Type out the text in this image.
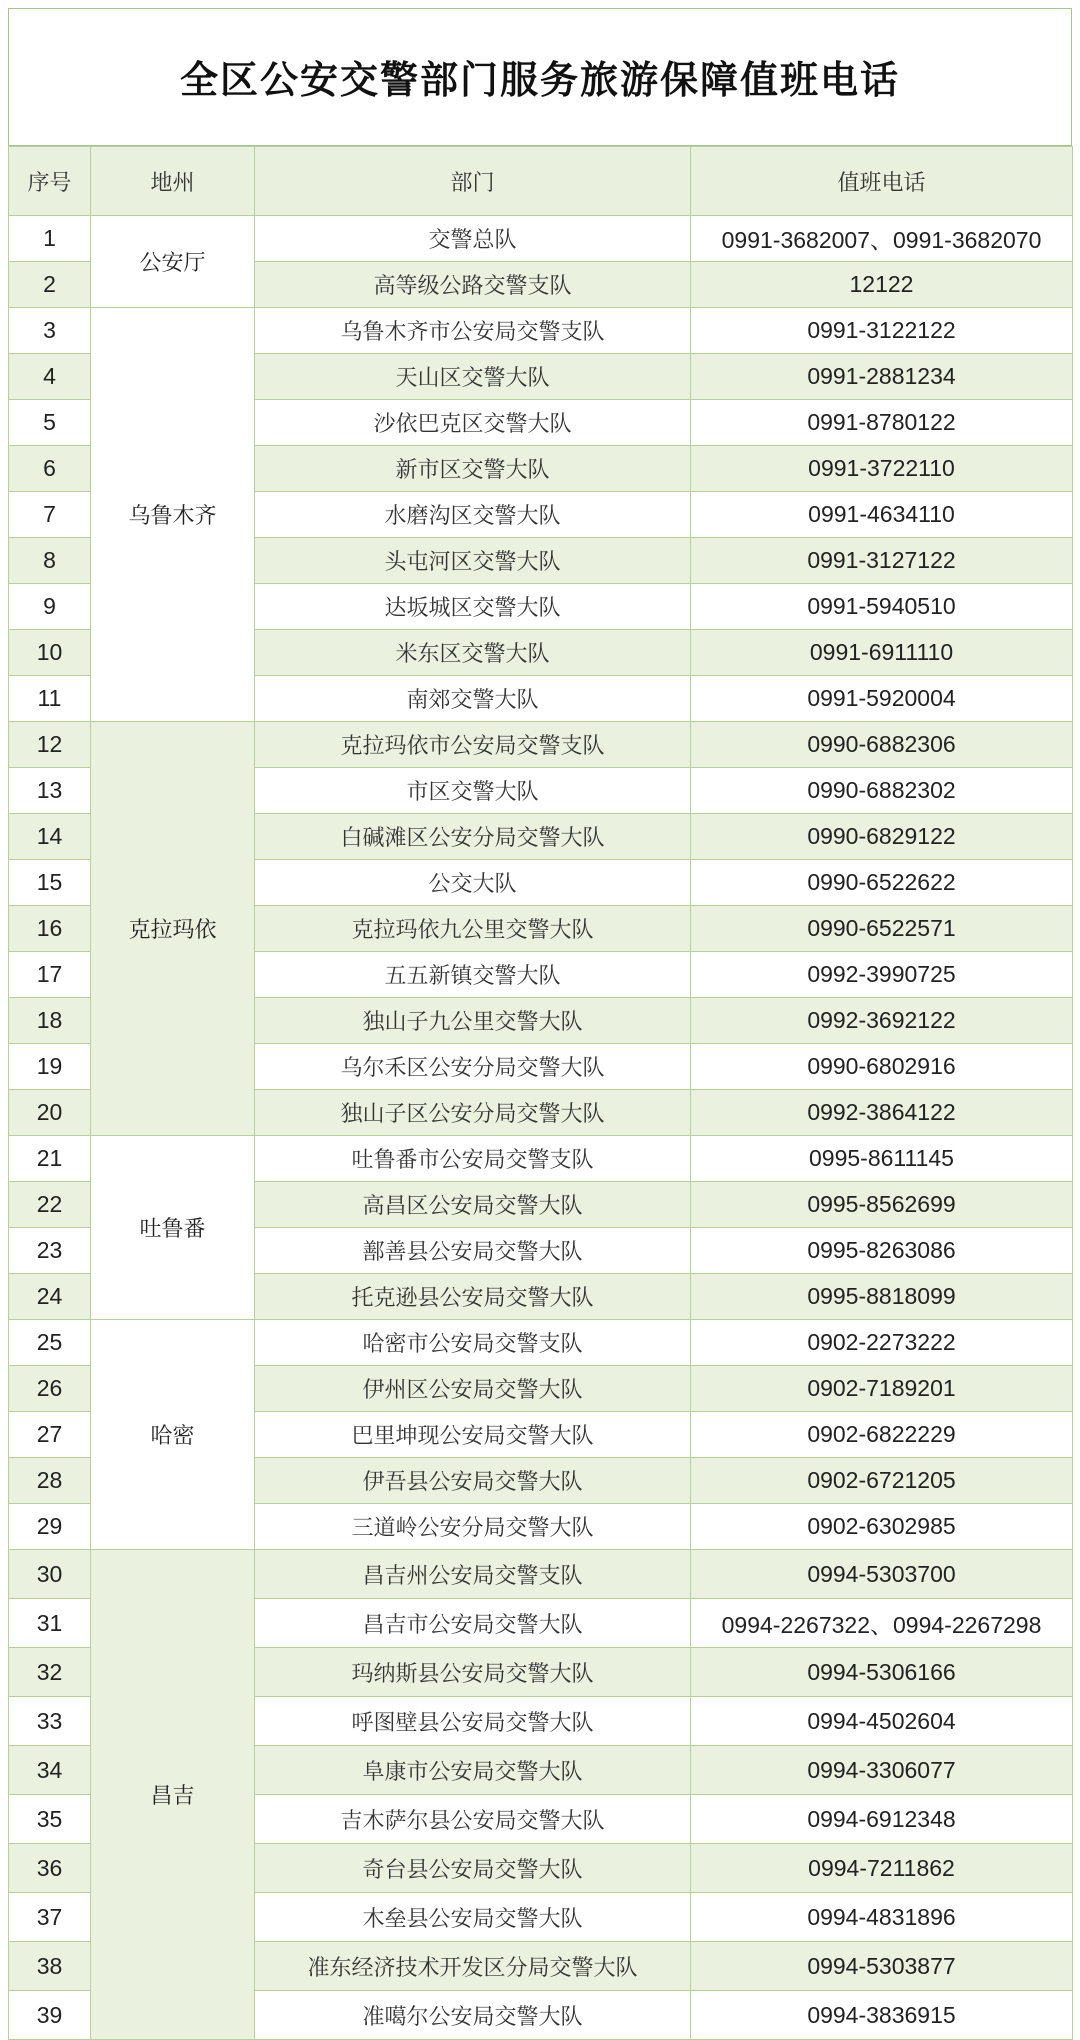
全区公安交警部门服务旅游保障值班电话
序号	地州	部门	值班电话
1	公安厅	交警总队	0991-3682007、0991-3682070
2		高等级公路交警支队	12122
3	乌鲁木齐	乌鲁木齐市公安局交警支队	0991-3122122
4		天山区交警大队	0991-2881234
5		沙依巴克区交警大队	0991-8780122
6		新市区交警大队	0991-3722110
7		水磨沟区交警大队	0991-4634110
8		头屯河区交警大队	0991-3127122
9		达坂城区交警大队	0991-5940510
10		米东区交警大队	0991-6911110
11		南郊交警大队	0991-5920004
12	克拉玛依	克拉玛依市公安局交警支队	0990-6882306
13		市区交警大队	0990-6882302
14		白碱滩区公安分局交警大队	0990-6829122
15		公交大队	0990-6522622
16		克拉玛依九公里交警大队	0990-6522571
17		五五新镇交警大队	0992-3990725
18		独山子九公里交警大队	0992-3692122
19		乌尔禾区公安分局交警大队	0990-6802916
20		独山子区公安分局交警大队	0992-3864122
21	吐鲁番	吐鲁番市公安局交警支队	0995-8611145
22		高昌区公安局交警大队	0995-8562699
23		鄯善县公安局交警大队	0995-8263086
24		托克逊县公安局交警大队	0995-8818099
25	哈密	哈密市公安局交警支队	0902-2273222
26		伊州区公安局交警大队	0902-7189201
27		巴里坤现公安局交警大队	0902-6822229
28		伊吾县公安局交警大队	0902-6721205
29		三道岭公安分局交警大队	0902-6302985
30	昌吉	昌吉州公安局交警支队	0994-5303700
31		昌吉市公安局交警大队	0994-2267322、0994-2267298
32		玛纳斯县公安局交警大队	0994-5306166
33		呼图壁县公安局交警大队	0994-4502604
34		阜康市公安局交警大队	0994-3306077
35		吉木萨尔县公安局交警大队	0994-6912348
36		奇台县公安局交警大队	0994-7211862
37		木垒县公安局交警大队	0994-4831896
38		准东经济技术开发区分局交警大队	0994-5303877
39		准噶尔公安局交警大队	0994-3836915
